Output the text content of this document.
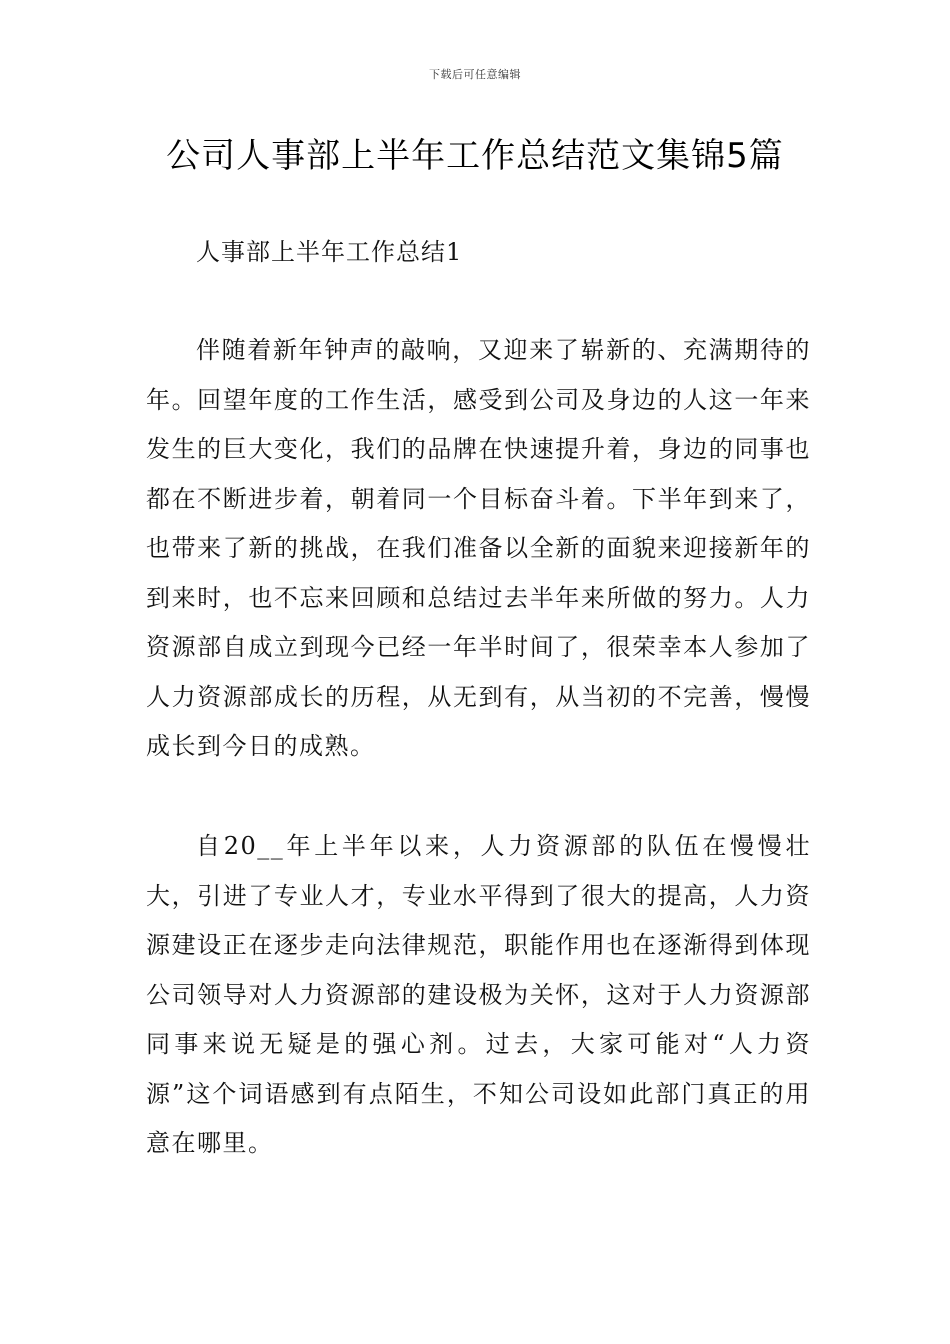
下载后可任意编辑
公司人事部上半年工作总结范文集锦5篇
人事部上半年工作总结1

伴随着新年钟声的敲响，又迎来了崭新的、充满期待的年。回望年度的工作生活，感受到公司及身边的人这一年来发生的巨大变化，我们的品牌在快速提升着，身边的同事也都在不断进步着，朝着同一个目标奋斗着。下半年到来了，也带来了新的挑战，在我们准备以全新的面貌来迎接新年的到来时，也不忘来回顾和总结过去半年来所做的努力。人力资源部自成立到现今已经一年半时间了，很荣幸本人参加了人力资源部成长的历程，从无到有，从当初的不完善，慢慢成长到今日的成熟。

自20__年上半年以来，人力资源部的队伍在慢慢壮大，引进了专业人才，专业水平得到了很大的提高，人力资源建设正在逐步走向法律规范，职能作用也在逐渐得到体现公司领导对人力资源部的建设极为关怀，这对于人力资源部同事来说无疑是的强心剂。过去，大家可能对“人力资源”这个词语感到有点陌生，不知公司设如此部门真正的用意在哪里。
